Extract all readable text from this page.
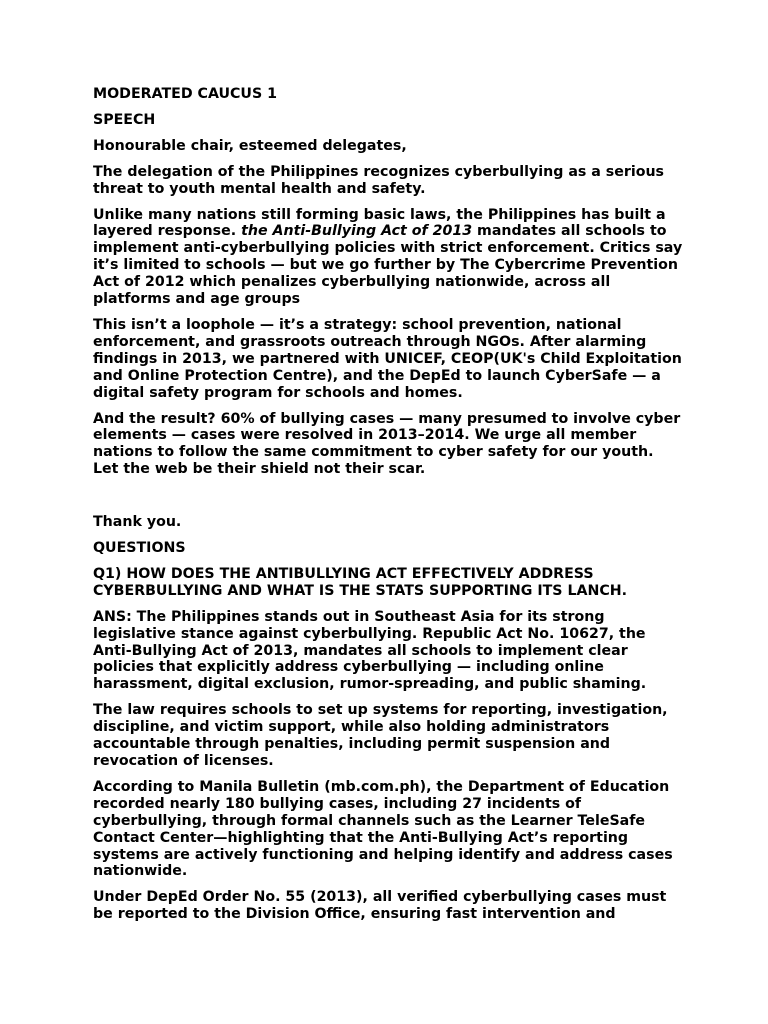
MODERATED CAUCUS 1

SPEECH

Honourable chair, esteemed delegates,

The delegation of the Philippines recognizes cyberbullying as a serious threat to youth mental health and safety.

Unlike many nations still forming basic laws, the Philippines has built a layered response. the Anti-Bullying Act of 2013 mandates all schools to implement anti-cyberbullying policies with strict enforcement. Critics say it’s limited to schools — but we go further by The Cybercrime Prevention Act of 2012 which penalizes cyberbullying nationwide, across all platforms and age groups

This isn’t a loophole — it’s a strategy: school prevention, national enforcement, and grassroots outreach through NGOs. After alarming findings in 2013, we partnered with UNICEF, CEOP(UK's Child Exploitation and Online Protection Centre), and the DepEd to launch CyberSafe — a digital safety program for schools and homes.

And the result? 60% of bullying cases — many presumed to involve cyber elements — cases were resolved in 2013–2014. We urge all member nations to follow the same commitment to cyber safety for our youth. Let the web be their shield not their scar.

Thank you.

QUESTIONS

Q1) HOW DOES THE ANTIBULLYING ACT EFFECTIVELY ADDRESS CYBERBULLYING AND WHAT IS THE STATS SUPPORTING ITS LANCH.

ANS: The Philippines stands out in Southeast Asia for its strong legislative stance against cyberbullying. Republic Act No. 10627, the Anti-Bullying Act of 2013, mandates all schools to implement clear policies that explicitly address cyberbullying — including online harassment, digital exclusion, rumor-spreading, and public shaming.

The law requires schools to set up systems for reporting, investigation, discipline, and victim support, while also holding administrators accountable through penalties, including permit suspension and revocation of licenses.

According to Manila Bulletin (mb.com.ph), the Department of Education recorded nearly 180 bullying cases, including 27 incidents of cyberbullying, through formal channels such as the Learner TeleSafe Contact Center—highlighting that the Anti-Bullying Act’s reporting systems are actively functioning and helping identify and address cases nationwide.

Under DepEd Order No. 55 (2013), all verified cyberbullying cases must be reported to the Division Office, ensuring fast intervention and
